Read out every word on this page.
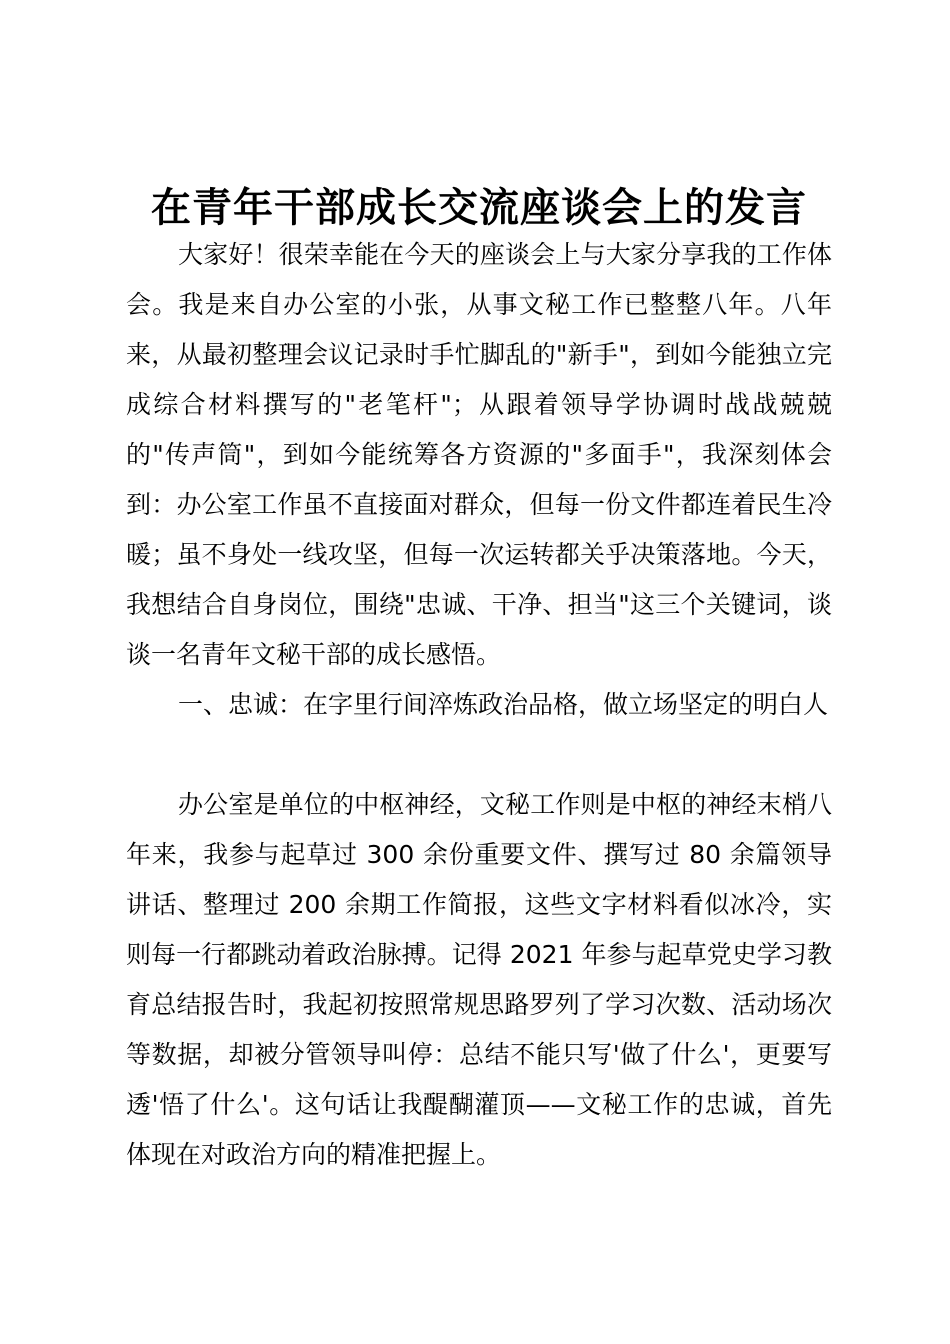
在青年干部成长交流座谈会上的发言

大家好！很荣幸能在今天的座谈会上与大家分享我的工作体会。我是来自办公室的小张，从事文秘工作已整整八年。八年来，从最初整理会议记录时手忙脚乱的"新手"，到如今能独立完成综合材料撰写的"老笔杆"；从跟着领导学协调时战战兢兢的"传声筒"，到如今能统筹各方资源的"多面手"，我深刻体会到：办公室工作虽不直接面对群众，但每一份文件都连着民生冷暖；虽不身处一线攻坚，但每一次运转都关乎决策落地。今天，我想结合自身岗位，围绕"忠诚、干净、担当"这三个关键词，谈谈一名青年文秘干部的成长感悟。

一、忠诚：在字里行间淬炼政治品格，做立场坚定的明白人

办公室是单位的中枢神经，文秘工作则是中枢的神经末梢八年来，我参与起草过 300 余份重要文件、撰写过 80 余篇领导讲话、整理过 200 余期工作简报，这些文字材料看似冰冷，实则每一行都跳动着政治脉搏。记得 2021 年参与起草党史学习教育总结报告时，我起初按照常规思路罗列了学习次数、活动场次等数据，却被分管领导叫停：总结不能只写'做了什么'，更要写透'悟了什么'。这句话让我醍醐灌顶——文秘工作的忠诚，首先体现在对政治方向的精准把握上。
